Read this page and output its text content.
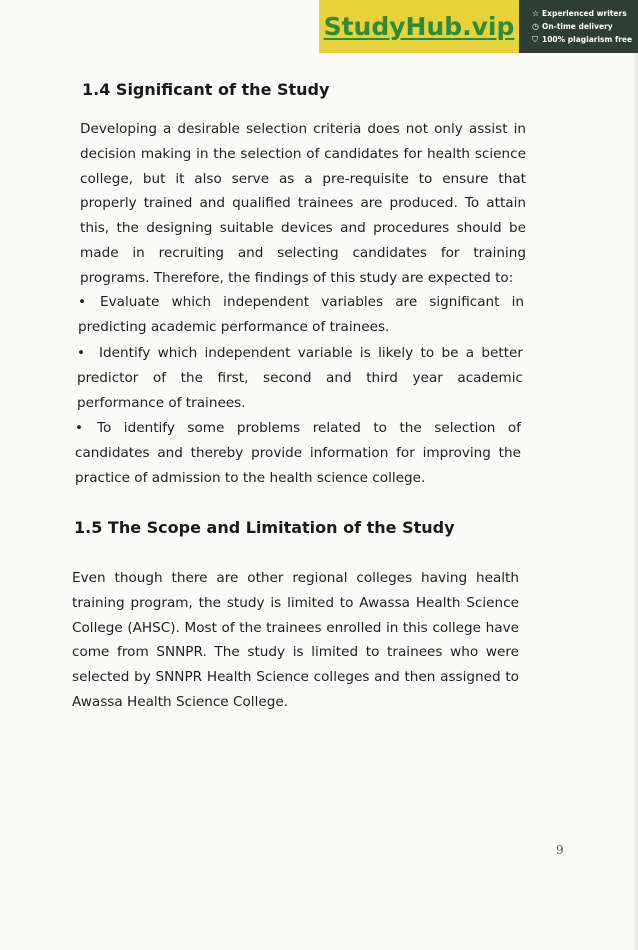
StudyHub.vip ☆ Experienced writers
◷ On-time delivery
⛉ 100% plagiarism free
1.4 Significant of the Study

Developing a desirable selection criteria does not only assist in decision making in the selection of candidates for health science college, but it also serve as a pre-requisite to ensure that properly trained and qualified trainees are produced. To attain this, the designing suitable devices and procedures should be made in recruiting and selecting candidates for training programs. Therefore, the findings of this study are expected to:

• Evaluate which independent variables are significant in predicting academic performance of trainees.

• Identify which independent variable is likely to be a better predictor of the first, second and third year academic performance of trainees.

• To identify some problems related to the selection of candidates and thereby provide information for improving the practice of admission to the health science college.

1.5 The Scope and Limitation of the Study

Even though there are other regional colleges having health training program, the study is limited to Awassa Health Science College (AHSC). Most of the trainees enrolled in this college have come from SNNPR. The study is limited to trainees who were selected by SNNPR Health Science colleges and then assigned to Awassa Health Science College.

9
